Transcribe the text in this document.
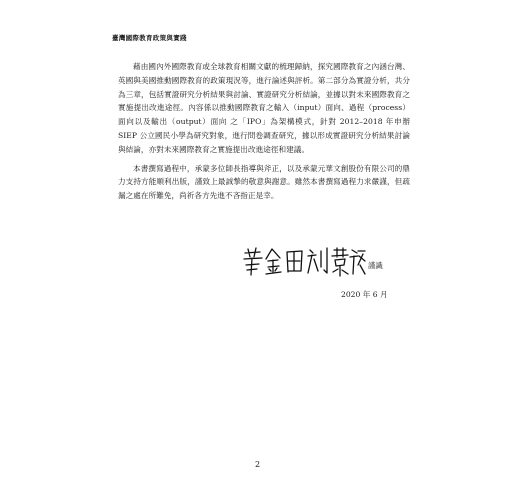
臺灣國際教育政策與實踐

藉由國內外國際教育或全球教育相關文獻的梳理歸納，探究國際教育之內涵台灣、英國與美國推動國際教育的政策現況等，進行論述與評析。第二部分為實證分析，共分為三章，包括實證研究分析結果與討論、實證研究分析結論，並據以對未來國際教育之實施提出改進途徑。內容係以推動國際教育之輸入（input）面向、過程（process）面向以及輸出（output）面向 之「IPO」為架構模式，針對 2012–2018 年申辦 SIEP 公立國民小學為研究對象，進行問卷調查研究，據以形成實證研究分析結果討論與結論，亦對未來國際教育之實施提出改進途徑和建議。

本書撰寫過程中，承蒙多位師長指導與斧正，以及承蒙元華文創股份有限公司的鼎力支持方能順利出版，謹致上最誠摯的敬意與謝意。雖然本書撰寫過程力求嚴謹，但疏漏之處在所難免，尚祈各方先進不吝指正是幸。

謹識
2020 年 6 月
2
